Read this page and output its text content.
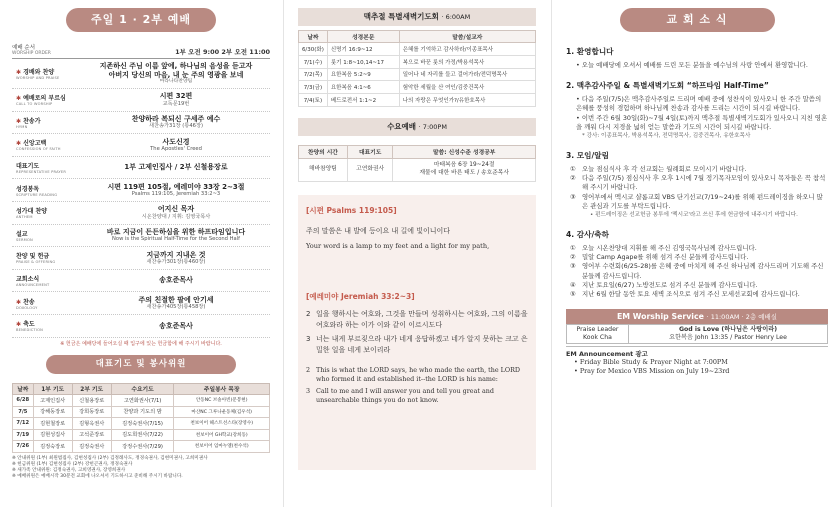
주일 1 · 2부 예배
예배 순서
WORSHIP ORDER	1부 오전 9:00 2부 오전 11:00
✱ 경배와 찬양
WORSHIP AND PRAISE
지존하신 주님 이름 앞에, 하나님의 음성을 듣고자
아버지 당신의 마음, 내 눈 주의 영광을 보네
마라나타찬양팀
✱ 예배로의 부르심
CALL TO WORSHIP
시편 32편
교독문19번
✱ 찬송가
HYMN
찬양하라 복되신 구세주 예수
새찬송가31장 (통46장)
✱ 신앙고백
CONFESSION OF FAITH
사도신경
The Apostles' Creed
대표기도
REPRESENTATIVE PRAYER
1부 고제인집사 / 2부 신철용장로
성경봉독
SCRIPTURE READING
시편 119편 105절, 예레미야 33장 2~3절
Psalms 119:105, Jeremiah 33:2~3
성가대 찬양
ANTHEM
어지신 목자
시온찬양대 / 지휘: 김영국목사
설교
SERMON
바로 지금이 든든하심을 위한 하프타임입니다
Now is the Spiritual Half-Time for the Second Half
찬양 및 헌금
PRAISE & OFFERING
지금까지 지내온 것
새찬송가301장(통460장)
교회소식
ANNOUNCEMENT
송호준목사
✱ 찬송
DOXOLOGY
주의 친절한 팔에 안기세
새찬송가405장(통458장)
✱ 축도
BENEDICTION
송호준목사
※ 헌금은 예배당에 들어오실 때 입구에 있는 헌금함에 해 주시기 바랍니다.
대표기도 및 봉사위원
날짜	1부 기도	2부 기도	수요기도	주일봉사 목장
6/28	고제인집사	신철용장로	고연화권사(7/1)	안동NC 브솔아빈(문봉현)
7/5	강해동장로	강희동장로	찬양과 기도의 밤	마산NC 그루나운동체(김우석)
7/12	김현철장로	김형옥권사	김정숙권사(7/15)	천보이어 헤스트선스타(장영수)
7/19	김현성집사	고석준장로	김도희권사(7/22)	천보이어 GH학교(강희동)
7/26	김정숙장로	김정숙권사	강정수권사(7/29)	천보이어 임마누엘(천수석)
※ 안내위원 (1부) 최원범집사, 김현성집사 (2부) 김정례사도, 정경숙권사, 김현미권사, 고희미권사
※ 헌금위원 (1부) 김현성집사 (2부) 강헌곤권사, 정경숙권사
※ 새가족 안내위원: 김정숙권사, 고희영권사, 장영희권사
※ 예배위원은 예배시작 30분전 교회에 나오셔서 기도하시고 준비해 주시기 바랍니다.
맥추절 특별새벽기도회 · 6:00AM
날짜	성경본문	말씀/설교자
6/30(화)	신명기 16:9~12	은혜를 기억하고 감사하라/이종표목사
7/1(수)	룻기 1:8~10,14~17	복으로 바꾼 룻의 가정/박용석목사
7/2(목)	요한복음 5:2~9	일어나 네 자리를 들고 걸어가라/전덕명목사
7/3(금)	요한복음 4:1~6	험악한 세월을 산 여인/김중건목사
7/4(토)	베드로전서 1:1~2	나의 자랑은 무엇인가?/유한호목사
수요예배 · 7:00PM
찬양의 시간	대표기도	말씀: 신성수준 성경공부
해바참양팀	고연화권사	마태복음 6장 19~24절
재물에 대한 바른 태도 / 송호준목사
[시편 Psalms 119:105]
주의 말씀은 내 발에 등이요 내 길에 빛이니이다
Your word is a lamp to my feet and a light for my path,
[예레미야 Jeremiah 33:2~3]
2 일을 행하시는 여호와, 그것을 만들며 성취하시는 여호와, 그의 이름을 여호와라 하는 이가 이와 같이 이르시도다
3 너는 내게 부르짖으라 내가 네게 응답하겠고 네가 알지 못하는 크고 은밀한 일을 네게 보이리라
2 This is what the LORD says, he who made the earth, the LORD who formed it and established it--the LORD is his name:
3 Call to me and I will answer you and tell you great and unsearchable things you do not know.
교 회 소 식
1. 환영합니다

• 오늘 예배당에 오셔서 예배를 드린 모든 분들을 예수님의 사랑 안에서 환영합니다.

2. 맥추감사주일 & 특별새벽기도회 “하프타임 Half-Time”
• 다음 주일(7/5)은 맥추감사주일로 드리며 예배 중에 성찬식이 있사오니 한 주간 말씀의 은혜를 풍성히 경험하며 하나님께 찬송과 감사를 드리는 시간이 되시길 바랍니다.
• 이번 주간 6월 30일(화)~7월 4일(토)까지 맥추절 특별새벽기도회가 있사오니 지친 영혼을 깨워 다시 지경을 넓히 얻는 말씀과 기도의 시간이 되시길 바랍니다.
* 강사: 이종표목사, 박용석목사, 전덕명목사, 김중건목사, 유한호목사
3. 모임/알림
① 오늘 점심식사 후 각 선교회는 월례회로 모이시기 바랍니다.
② 다음 주일(7/5) 점심식사 후 오후 1시에 7월 정기목자모임이 있사오니 목자들은 꼭 참석해 주시기 바랍니다.
③ 영어부에서 멕시코 샬롬교회 VBS 단기선교(7/19~24)를 위해 펀드레이징을 하오니 많은 관심과 기도를 부탁드립니다.
• 펀드레이징은 선교헌금 봉투에 '멕시코'라고 쓰신 후에 헌금함에 내주시기 바랍니다.
4. 감사/축하
① 오늘 시온찬양대 지휘를 해 주신 김영국목사님께 감사드립니다.
② 밀알 Camp Agape를 위해 섬겨 주신 분들께 감사드립니다.
③ 영어부 수련회(6/25-28)를 은혜 중에 마치게 해 주신 하나님께 감사드리며 기도해 주신 분들께 감사드립니다.
④ 지난 토요일(6/27) 노방전도로 섬겨 주신 분들께 감사드립니다.
⑤ 지난 6월 한달 동안 토요 새벽 조식으로 섬겨 주신 모세선교회에 감사드립니다.
EM Worship Service · 11:00AM · 2층 예배실
Praise Leader
Kook Cha

God is Love (하나님은 사랑이라)
요한복음 John 13:35 / Pastor Henry Lee
EM Announcement 광고
• Friday Bible Study & Prayer Night at 7:00PM
• Pray for Mexico VBS Mission on July 19~23rd
